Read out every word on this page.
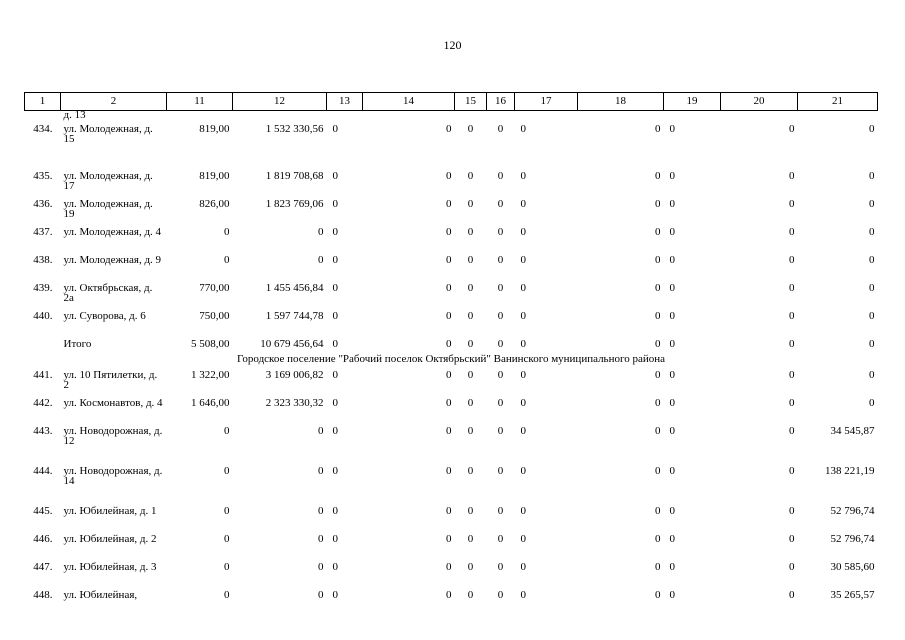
120
1	2	11	12	13	14	15	16	17	18	19	20	21
	д. 13											
434.	ул. Молодежная, д. 15	819,00	1 532 330,56	0	0	0	0	0	0	0	0	0
435.	ул. Молодежная, д. 17	819,00	1 819 708,68	0	0	0	0	0	0	0	0	0
436.	ул. Молодежная, д. 19	826,00	1 823 769,06	0	0	0	0	0	0	0	0	0
437.	ул. Молодежная, д. 4	0	0	0	0	0	0	0	0	0	0	0
438.	ул. Молодежная, д. 9	0	0	0	0	0	0	0	0	0	0	0
439.	ул. Октябрьская, д. 2а	770,00	1 455 456,84	0	0	0	0	0	0	0	0	0
440.	ул. Суворова, д. 6	750,00	1 597 744,78	0	0	0	0	0	0	0	0	0
	Итого	5 508,00	10 679 456,64	0	0	0	0	0	0	0	0	0
Городское поселение "Рабочий поселок Октябрьский" Ванинского муниципального района												
441.	ул. 10 Пятилетки, д. 2	1 322,00	3 169 006,82	0	0	0	0	0	0	0	0	0
442.	ул. Космонавтов, д. 4	1 646,00	2 323 330,32	0	0	0	0	0	0	0	0	0
443.	ул. Новодорожная, д. 12	0	0	0	0	0	0	0	0	0	0	34 545,87
444.	ул. Новодорожная, д. 14	0	0	0	0	0	0	0	0	0	0	138 221,19
445.	ул. Юбилейная, д. 1	0	0	0	0	0	0	0	0	0	0	52 796,74
446.	ул. Юбилейная, д. 2	0	0	0	0	0	0	0	0	0	0	52 796,74
447.	ул. Юбилейная, д. 3	0	0	0	0	0	0	0	0	0	0	30 585,60
448.	ул. Юбилейная,	0	0	0	0	0	0	0	0	0	0	35 265,57
